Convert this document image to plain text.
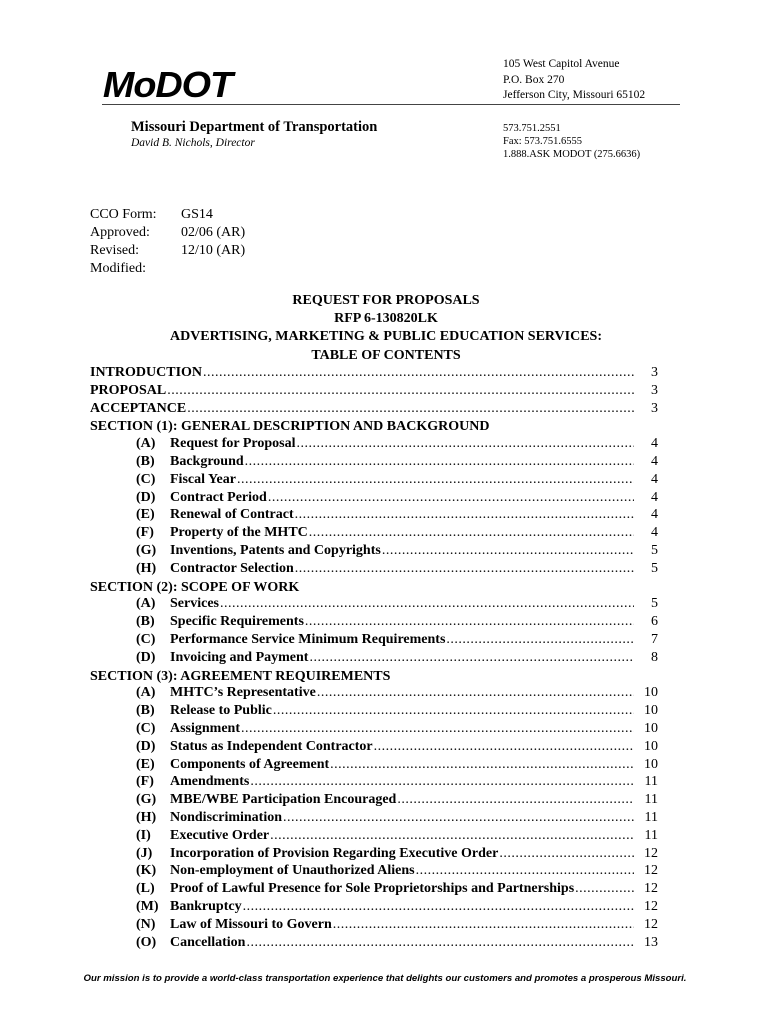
MoDOT	105 West Capitol Avenue
P.O. Box 270
Jefferson City, Missouri 65102
Missouri Department of Transportation
David B. Nichols, Director
573.751.2551
Fax: 573.751.6555
1.888.ASK MODOT (275.6636)
CCO Form:	GS14
Approved:	02/06 (AR)
Revised:	12/10 (AR)
Modified:
REQUEST FOR PROPOSALS
RFP 6-130820LK
ADVERTISING, MARKETING & PUBLIC EDUCATION SERVICES:
TABLE OF CONTENTS
INTRODUCTION .....	3
PROPOSAL .....	3
ACCEPTANCE .....	3
SECTION (1): GENERAL DESCRIPTION AND BACKGROUND
(A)	Request for Proposal .....	4
(B)	Background .....	4
(C)	Fiscal Year .....	4
(D)	Contract Period .....	4
(E)	Renewal of Contract .....	4
(F)	Property of the MHTC .....	4
(G) Inventions, Patents and Copyrights .....	5
(H) Contractor Selection .....	5
SECTION (2): SCOPE OF WORK
(A)	Services .....	5
(B)	Specific Requirements .....	6
(C)	Performance Service Minimum Requirements .....	7
(D)	Invoicing and Payment .....	8
SECTION (3): AGREEMENT REQUIREMENTS
(A)	MHTC’s Representative .....	10
(B)	Release to Public .....	10
(C)	Assignment .....	10
(D)	Status as Independent Contractor .....	10
(E)	Components of Agreement .....	10
(F)	Amendments .....	11
(G) MBE/WBE Participation Encouraged .....	11
(H) Nondiscrimination .....	11
(I)	Executive Order .....	11
(J)	Incorporation of Provision Regarding Executive Order .....	12
(K) Non-employment of Unauthorized Aliens .....	12
(L)	Proof of Lawful Presence for Sole Proprietorships and Partnerships .....	12
(M) Bankruptcy .....	12
(N)	Law of Missouri to Govern .....	12
(O) Cancellation .....	13
Our mission is to provide a world-class transportation experience that delights our customers and promotes a prosperous Missouri.
